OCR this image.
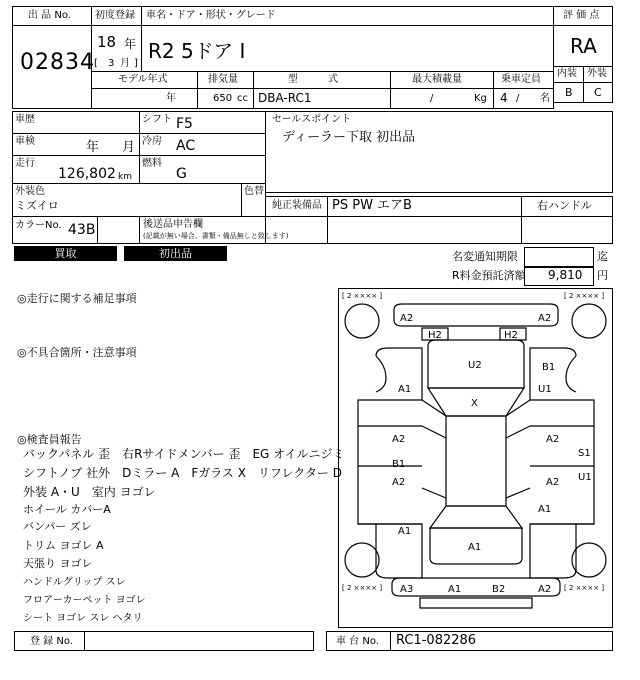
出 品 No.
02834
初度登録 車名・ドア・形状・グレード
18 年
[ 3 月 ]
R2 5ドア I
評 価 点
RA
内装 外装
B C
モデル年式	排気量	型　　　式	最大積載量	乗車定員
年	650 cc DBA-RC1	/	Kg 4 / 名
車歴	シフト F5
車検	年 月 冷房 AC
走行
126,802 km
燃料
G
外装色
ミズイロ
色替
カラーNo. 43B	後送品申告欄
(記載が無い場合、書類・備品無しと致します)
セールスポイント
ディーラー下取 初出品
純正装備品 PS PW エアB	右ハンドル
買取	初出品	名変通知期限	迄
R料金預託済額 9,810 円
◎走行に関する補足事項
◎不具合箇所・注意事項
◎検査員報告
バックパネル 歪　右Rサイドメンバー 歪　EG オイルニジミ
シフトノブ 社外　Dミラー A　Fガラス X　リフレクター D
外装 A・U　室内 ヨゴレ
ホイール カバーA
バンパー ズレ
トリム ヨゴレ A
天張り ヨゴレ
ハンドルグリップ スレ
フロアーカーペット ヨゴレ
シート ヨゴレ スレ ヘタリ
[ 2 ×××× ]	[ 2 ×××× ]
[ 2 ×××× ]	[ 2 ×××× ]
A2	A2
H2	H2
U2
X
A1
B1
U1
A2
B1
A2
A2
A2
S1
U1
A1
A1
A1
A3	A1	B2	A2
登 録 No.	車 台 No. RC1-082286
